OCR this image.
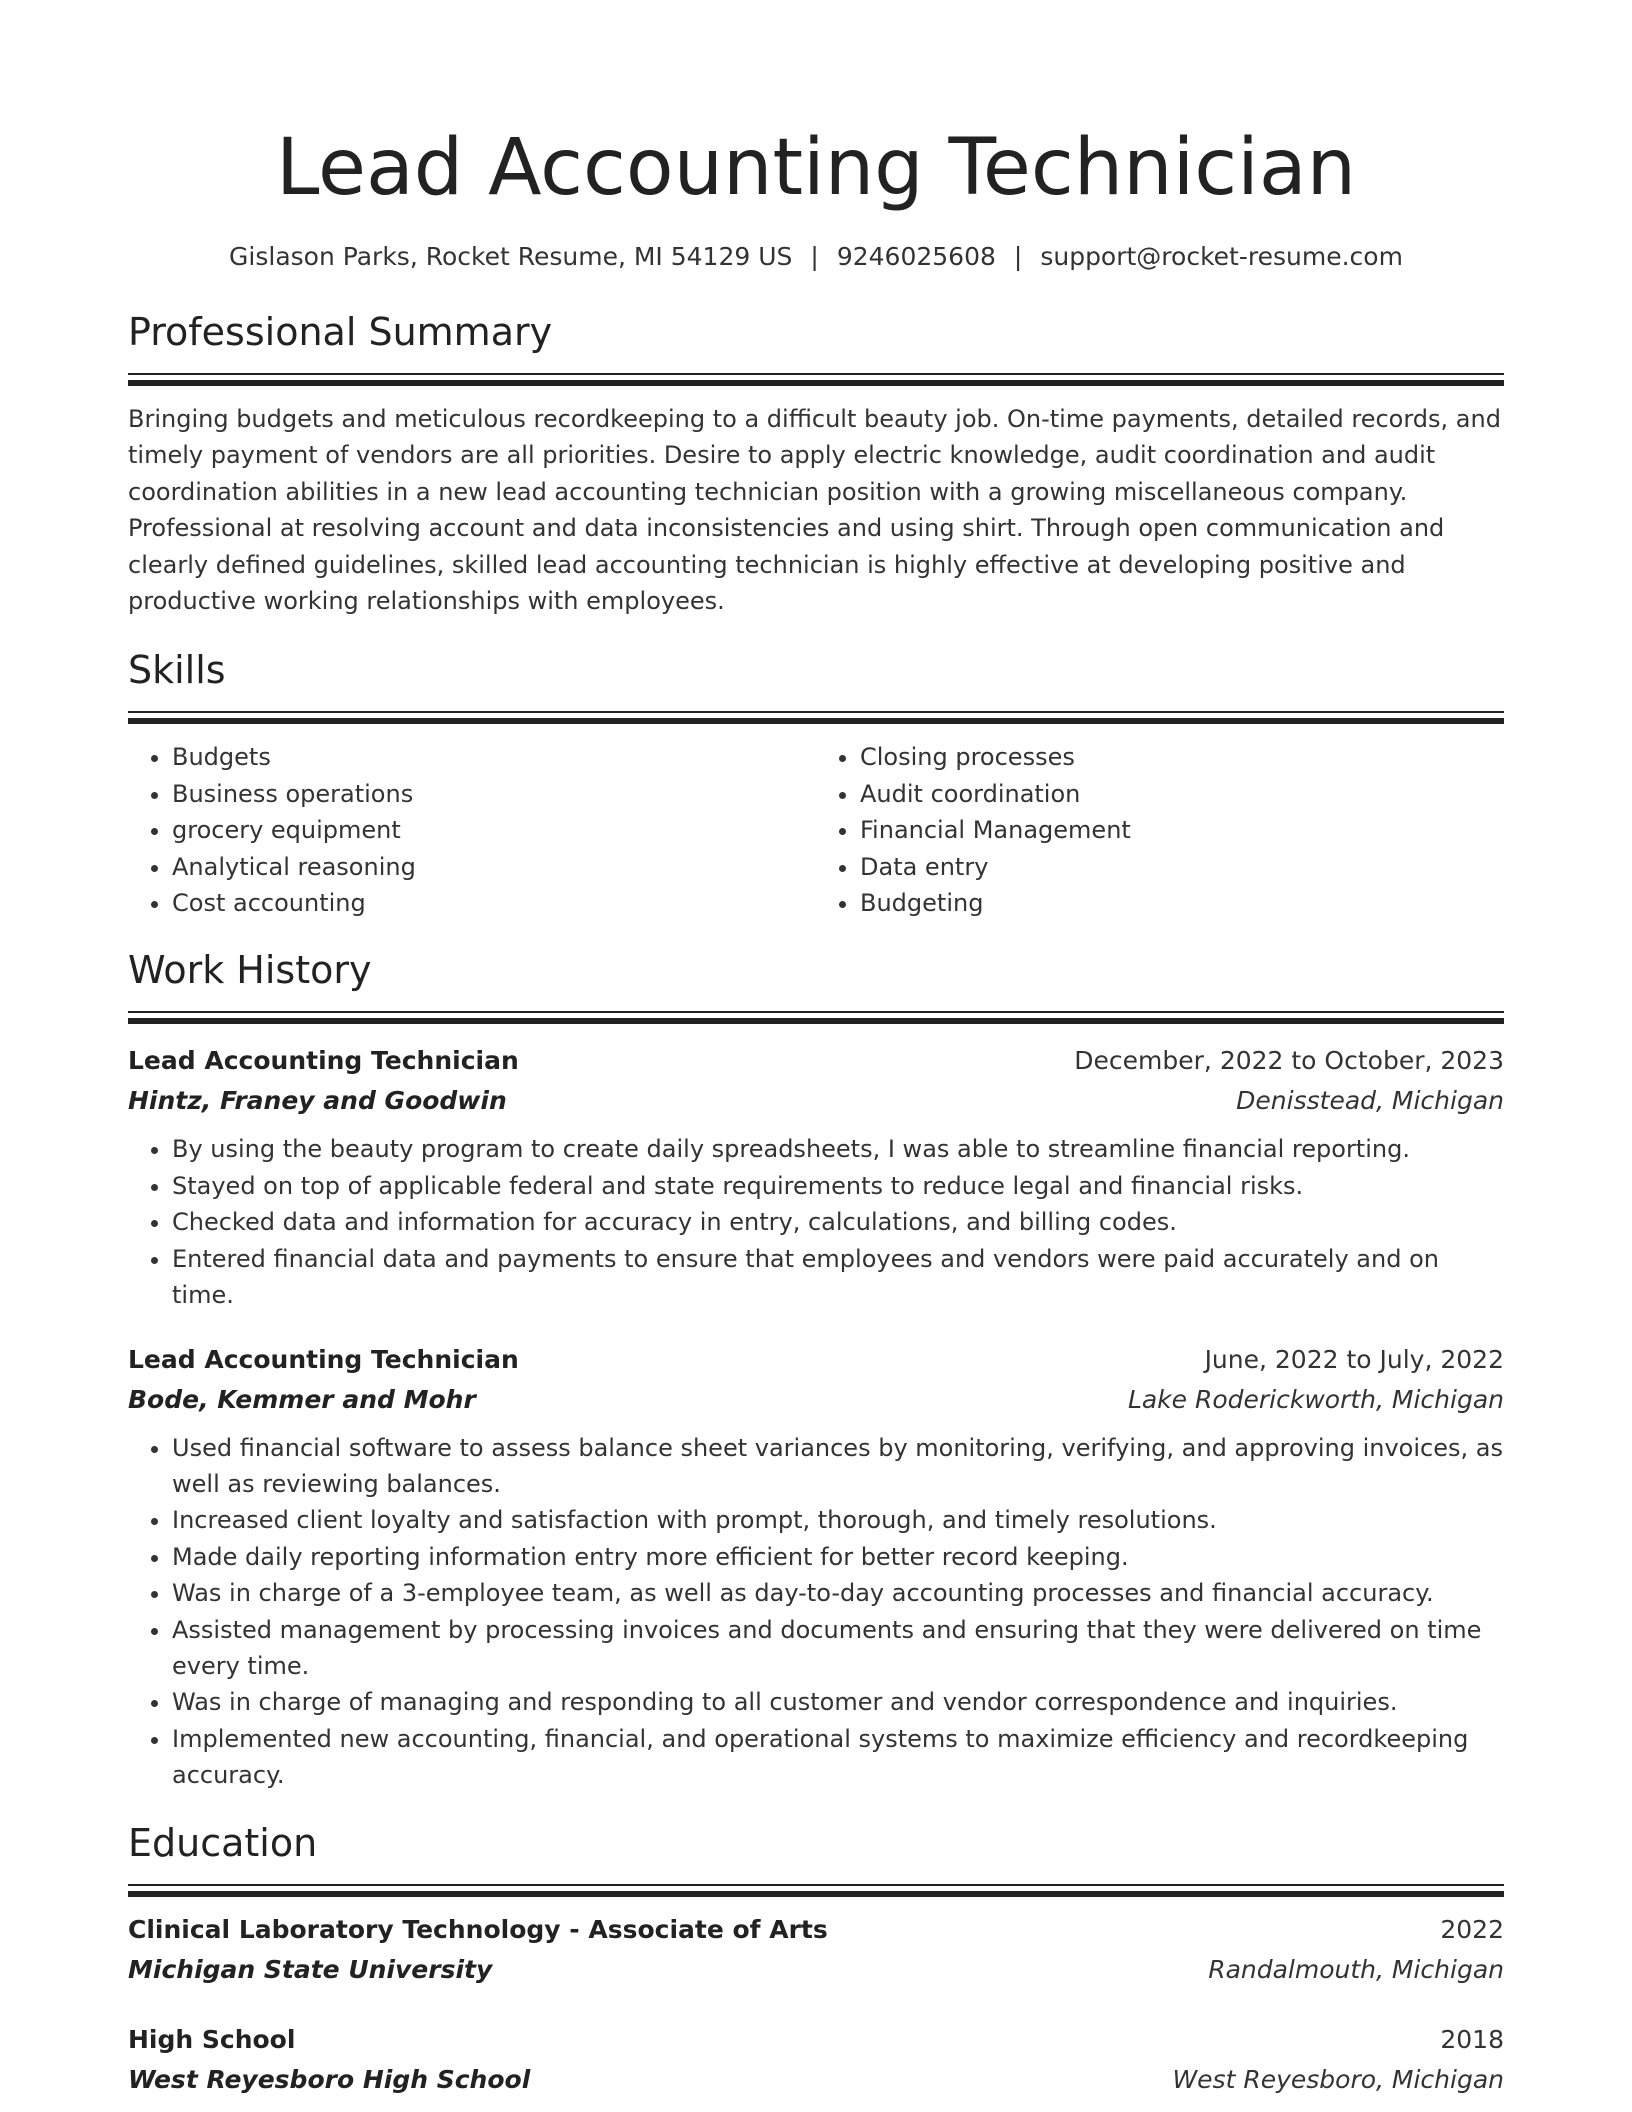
Lead Accounting Technician
Gislason Parks, Rocket Resume, MI 54129 US | 9246025608 | support@rocket-resume.com
Professional Summary
Bringing budgets and meticulous recordkeeping to a difficult beauty job. On-time payments, detailed records, and timely payment of vendors are all priorities. Desire to apply electric knowledge, audit coordination and audit coordination abilities in a new lead accounting technician position with a growing miscellaneous company. Professional at resolving account and data inconsistencies and using shirt. Through open communication and clearly defined guidelines, skilled lead accounting technician is highly effective at developing positive and productive working relationships with employees.
Skills
• Budgets
• Business operations
• grocery equipment
• Analytical reasoning
• Cost accounting
• Closing processes
• Audit coordination
• Financial Management
• Data entry
• Budgeting
Work History
Lead Accounting Technician	December, 2022 to October, 2023
Hintz, Franey and Goodwin	Denisstead, Michigan
• By using the beauty program to create daily spreadsheets, I was able to streamline financial reporting.
• Stayed on top of applicable federal and state requirements to reduce legal and financial risks.
• Checked data and information for accuracy in entry, calculations, and billing codes.
• Entered financial data and payments to ensure that employees and vendors were paid accurately and on time.
Lead Accounting Technician	June, 2022 to July, 2022
Bode, Kemmer and Mohr	Lake Roderickworth, Michigan
• Used financial software to assess balance sheet variances by monitoring, verifying, and approving invoices, as well as reviewing balances.
• Increased client loyalty and satisfaction with prompt, thorough, and timely resolutions.
• Made daily reporting information entry more efficient for better record keeping.
• Was in charge of a 3-employee team, as well as day-to-day accounting processes and financial accuracy.
• Assisted management by processing invoices and documents and ensuring that they were delivered on time every time.
• Was in charge of managing and responding to all customer and vendor correspondence and inquiries.
• Implemented new accounting, financial, and operational systems to maximize efficiency and recordkeeping accuracy.
Education
Clinical Laboratory Technology - Associate of Arts	2022
Michigan State University	Randalmouth, Michigan
High School	2018
West Reyesboro High School	West Reyesboro, Michigan
